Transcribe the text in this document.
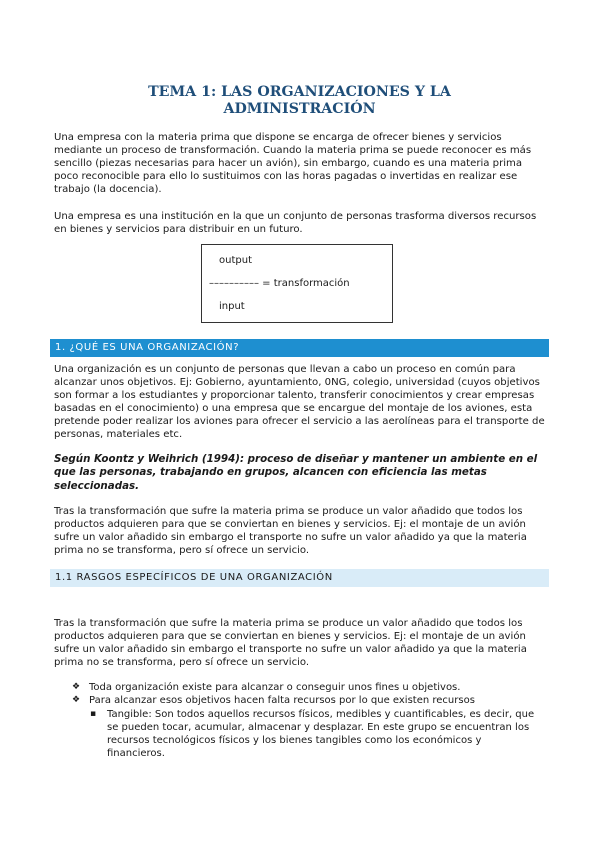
TEMA 1: LAS ORGANIZACIONES Y LA
ADMINISTRACIÓN

Una empresa con la materia prima que dispone se encarga de ofrecer bienes y servicios
mediante un proceso de transformación. Cuando la materia prima se puede reconocer es más
sencillo (piezas necesarias para hacer un avión), sin embargo, cuando es una materia prima
poco reconocible para ello lo sustituimos con las horas pagadas o invertidas en realizar ese
trabajo (la docencia).

Una empresa es una institución en la que un conjunto de personas trasforma diversos recursos
en bienes y servicios para distribuir en un futuro.

output
–––––––––– = transformación
input
1. ¿QUÉ ES UNA ORGANIZACIÓN?

Una organización es un conjunto de personas que llevan a cabo un proceso en común para
alcanzar unos objetivos. Ej: Gobierno, ayuntamiento, 0NG, colegio, universidad (cuyos objetivos
son formar a los estudiantes y proporcionar talento, transferir conocimientos y crear empresas
basadas en el conocimiento) o una empresa que se encargue del montaje de los aviones, esta
pretende poder realizar los aviones para ofrecer el servicio a las aerolíneas para el transporte de
personas, materiales etc.

Según Koontz y Weihrich (1994): proceso de diseñar y mantener un ambiente en el
que las personas, trabajando en grupos, alcancen con eficiencia las metas
seleccionadas.

Tras la transformación que sufre la materia prima se produce un valor añadido que todos los
productos adquieren para que se conviertan en bienes y servicios. Ej: el montaje de un avión
sufre un valor añadido sin embargo el transporte no sufre un valor añadido ya que la materia
prima no se transforma, pero sí ofrece un servicio.

1.1 RASGOS ESPECÍFICOS DE UNA ORGANIZACIÓN

Tras la transformación que sufre la materia prima se produce un valor añadido que todos los
productos adquieren para que se conviertan en bienes y servicios. Ej: el montaje de un avión
sufre un valor añadido sin embargo el transporte no sufre un valor añadido ya que la materia
prima no se transforma, pero sí ofrece un servicio.

❖ Toda organización existe para alcanzar o conseguir unos fines u objetivos.
❖ Para alcanzar esos objetivos hacen falta recursos por lo que existen recursos
▪	Tangible: Son todos aquellos recursos físicos, medibles y cuantificables, es decir, que
se pueden tocar, acumular, almacenar y desplazar. En este grupo se encuentran los
recursos tecnológicos físicos y los bienes tangibles como los económicos y
financieros.
